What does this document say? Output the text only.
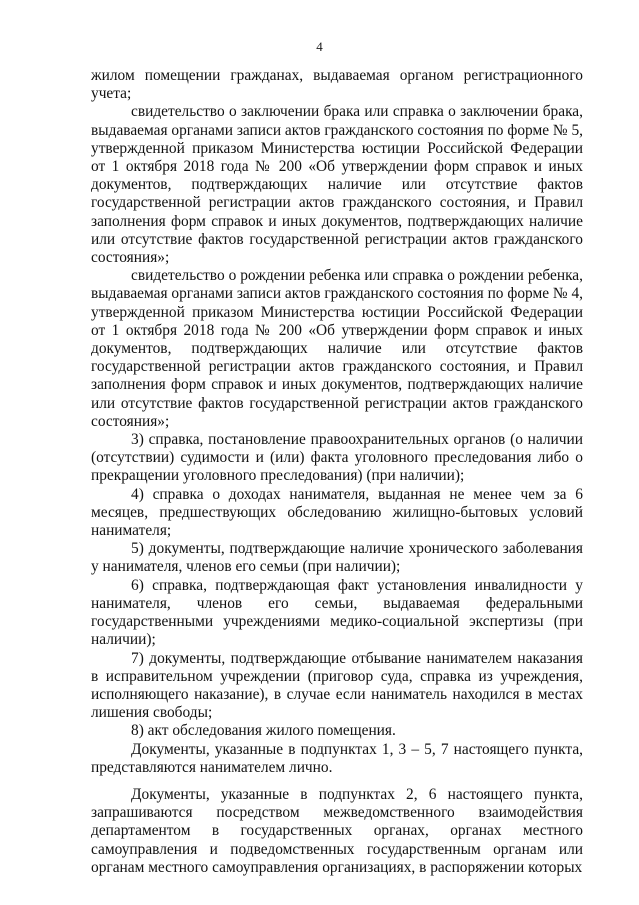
4

жилом помещении гражданах, выдаваемая органом регистрационного учета;

свидетельство о заключении брака или справка о заключении брака, выдаваемая органами записи актов гражданского состояния по форме № 5, утвержденной приказом Министерства юстиции Российской Федерации от 1 октября 2018 года № 200 «Об утверждении форм справок и иных документов, подтверждающих наличие или отсутствие фактов государственной регистрации актов гражданского состояния, и Правил заполнения форм справок и иных документов, подтверждающих наличие или отсутствие фактов государственной регистрации актов гражданского состояния»;

свидетельство о рождении ребенка или справка о рождении ребенка, выдаваемая органами записи актов гражданского состояния по форме № 4, утвержденной приказом Министерства юстиции Российской Федерации от 1 октября 2018 года № 200 «Об утверждении форм справок и иных документов, подтверждающих наличие или отсутствие фактов государственной регистрации актов гражданского состояния, и Правил заполнения форм справок и иных документов, подтверждающих наличие или отсутствие фактов государственной регистрации актов гражданского состояния»;

3) справка, постановление правоохранительных органов (о наличии (отсутствии) судимости и (или) факта уголовного преследования либо о прекращении уголовного преследования) (при наличии);

4) справка о доходах нанимателя, выданная не менее чем за 6 месяцев, предшествующих обследованию жилищно-бытовых условий нанимателя;

5) документы, подтверждающие наличие хронического заболевания у нанимателя, членов его семьи (при наличии);

6) справка, подтверждающая факт установления инвалидности у нанимателя, членов его семьи, выдаваемая федеральными государственными учреждениями медико-социальной экспертизы (при наличии);

7) документы, подтверждающие отбывание нанимателем наказания в исправительном учреждении (приговор суда, справка из учреждения, исполняющего наказание), в случае если наниматель находился в местах лишения свободы;

8) акт обследования жилого помещения.

Документы, указанные в подпунктах 1, 3 – 5, 7 настоящего пункта, представляются нанимателем лично.

Документы, указанные в подпунктах 2, 6 настоящего пункта, запрашиваются посредством межведомственного взаимодействия департаментом в государственных органах, органах местного самоуправления и подведомственных государственным органам или органам местного самоуправления организациях, в распоряжении которых
